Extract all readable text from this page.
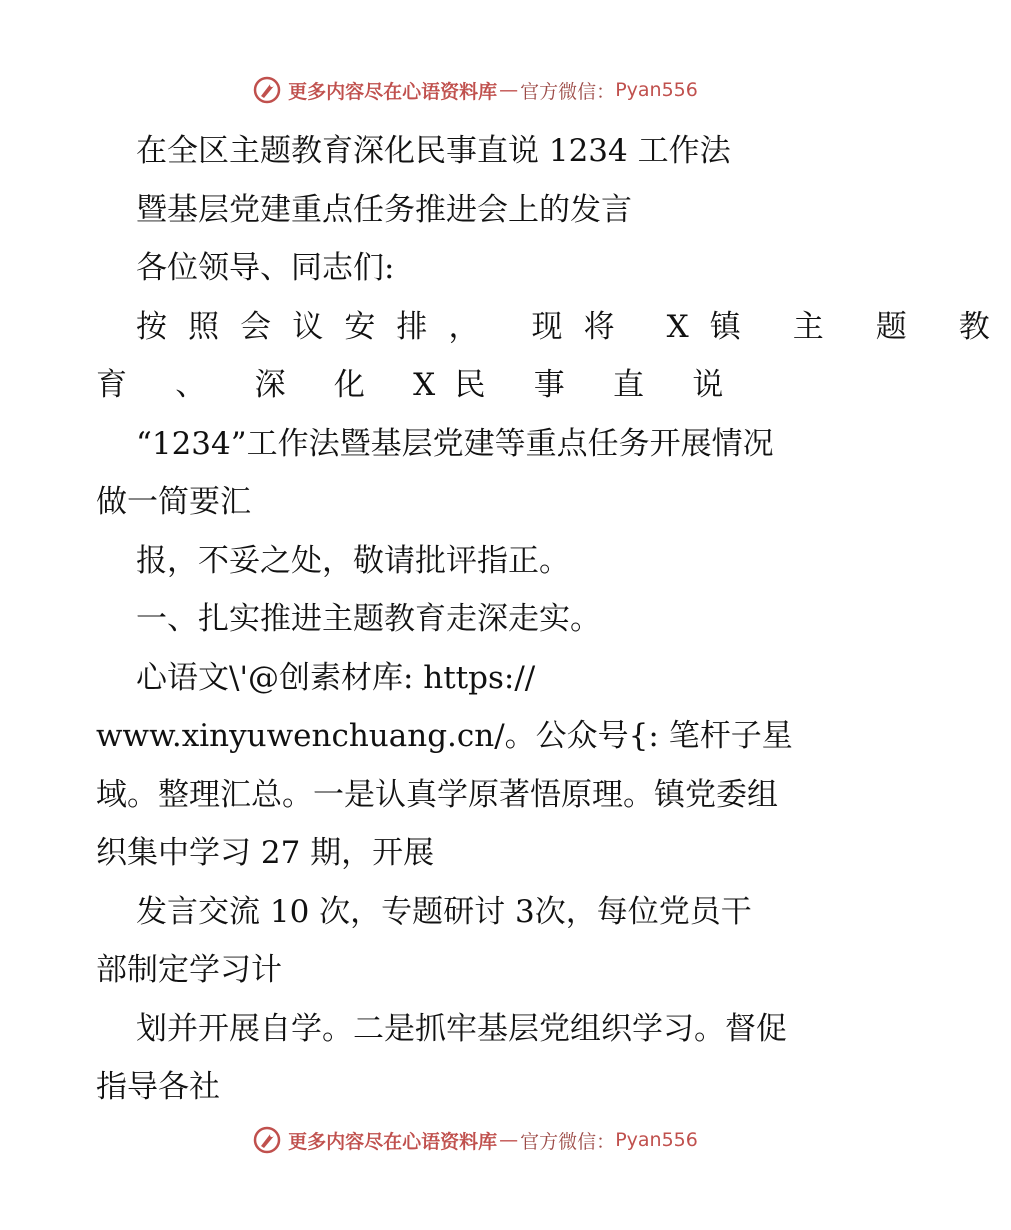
更多内容尽在心语资料库 — 官方微信： Pyan556
在全区主题教育深化民事直说 1234 工作法
暨基层党建重点任务推进会上的发言
各位领导、同志们:
按照会议安排， 现将 X镇 主 题 教
育 、 深 化 X民 事 直 说
“1234”工作法暨基层党建等重点任务开展情况
做一简要汇
报，不妥之处，敬请批评指正。
一、扎实推进主题教育走深走实。
心语文\'@创素材库: https://
www.xinyuwenchuang.cn/。公众号{: 笔杆子星
域。整理汇总。一是认真学原著悟原理。镇党委组
织集中学习 27 期，开展
发言交流 10 次，专题研讨 3次，每位党员干
部制定学习计
划并开展自学。二是抓牢基层党组织学习。督促
指导各社
更多内容尽在心语资料库 — 官方微信： Pyan556
